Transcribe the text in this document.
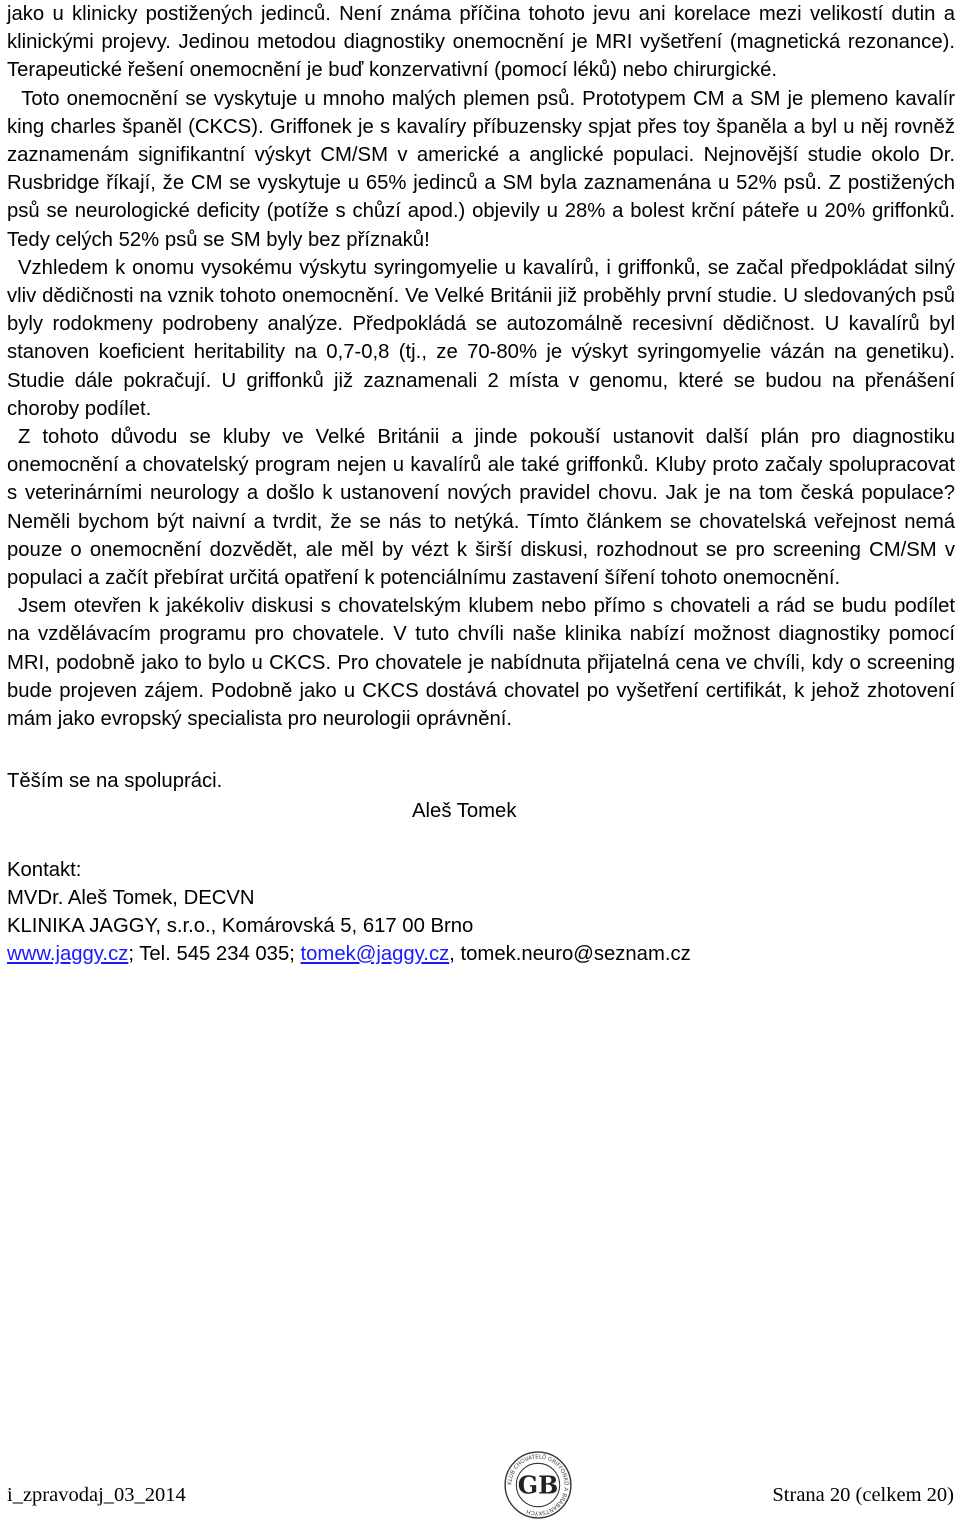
jako u klinicky postižených jedinců. Není známa příčina tohoto jevu ani korelace mezi velikostí dutin a klinickými projevy. Jedinou metodou diagnostiky onemocnění je MRI vyšetření (magnetická rezonance). Terapeutické řešení onemocnění je buď konzervativní (pomocí léků) nebo chirurgické.
Toto onemocnění se vyskytuje u mnoho malých plemen psů. Prototypem CM a SM je plemeno kavalír king charles španěl (CKCS). Griffonek je s kavalíry příbuzensky spjat přes toy španěla a byl u něj rovněž zaznamenám signifikantní výskyt CM/SM v americké a anglické populaci. Nejnovější studie okolo Dr. Rusbridge říkají, že CM se vyskytuje u 65% jedinců a SM byla zaznamenána u 52% psů. Z postižených psů se neurologické deficity (potíže s chůzí apod.) objevily u 28% a bolest krční páteře u 20% griffonků. Tedy celých 52% psů se SM byly bez příznaků!

Vzhledem k onomu vysokému výskytu syringomyelie u kavalírů, i griffonků, se začal předpokládat silný vliv dědičnosti na vznik tohoto onemocnění. Ve Velké Británii již proběhly první studie. U sledovaných psů byly rodokmeny podrobeny analýze. Předpokládá se autozomálně recesivní dědičnost. U kavalírů byl stanoven koeficient heritability na 0,7-0,8 (tj., ze 70-80% je výskyt syringomyelie vázán na genetiku). Studie dále pokračují. U griffonků již zaznamenali 2 místa v genomu, které se budou na přenášení choroby podílet.

Z tohoto důvodu se kluby ve Velké Británii a jinde pokouší ustanovit další plán pro diagnostiku onemocnění a chovatelský program nejen u kavalírů ale také griffonků. Kluby proto začaly spolupracovat s veterinárními neurology a došlo k ustanovení nových pravidel chovu. Jak je na tom česká populace? Neměli bychom být naivní a tvrdit, že se nás to netýká. Tímto článkem se chovatelská veřejnost nemá pouze o onemocnění dozvědět, ale měl by vézt k širší diskusi, rozhodnout se pro screening CM/SM v populaci a začít přebírat určitá opatření k potenciálnímu zastavení šíření tohoto onemocnění.

Jsem otevřen k jakékoliv diskusi s chovatelským klubem nebo přímo s chovateli a rád se budu podílet na vzdělávacím programu pro chovatele. V tuto chvíli naše klinika nabízí možnost diagnostiky pomocí MRI, podobně jako to bylo u CKCS. Pro chovatele je nabídnuta přijatelná cena ve chvíli, kdy o screening bude projeven zájem. Podobně jako u CKCS dostává chovatel po vyšetření certifikát, k jehož zhotovení mám jako evropský specialista pro neurologii oprávnění.

Těším se na spolupráci.

Aleš Tomek
Kontakt:
MVDr. Aleš Tomek, DECVN
KLINIKA JAGGY, s.r.o., Komárovská 5, 617 00 Brno
www.jaggy.cz; Tel. 545 234 035; tomek@jaggy.cz, tomek.neuro@seznam.cz
i_zpravodaj_03_2014
KLUB CHOVATELŮ GRIFFONKŮ A BRABANTSKÝCH
GB	Strana 20 (celkem 20)
